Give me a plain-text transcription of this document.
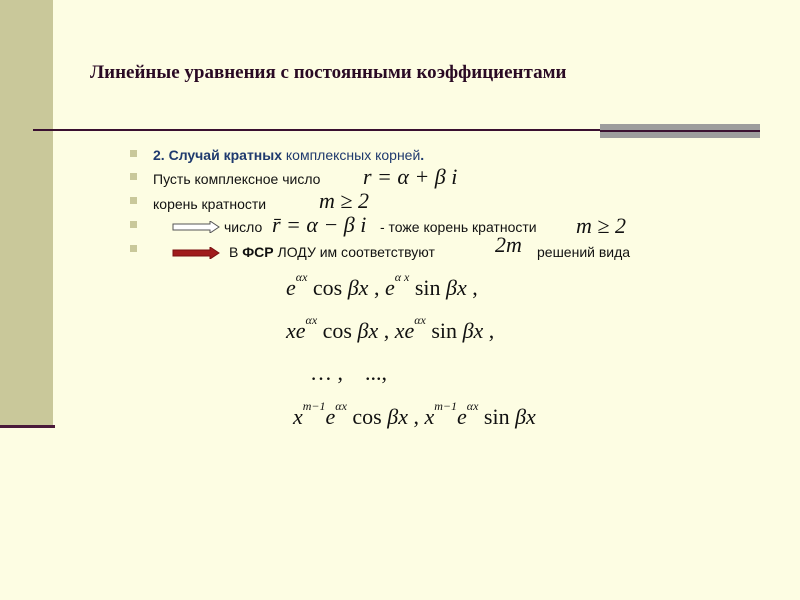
Линейные уравнения с постоянными коэффициентами
2. Случай кратных комплексных корней.
Пусть комплексное число r = α + β i
корень кратности m ≥ 2
число r̄ = α − β i - тоже корень кратности m ≥ 2
В ФСР ЛОДУ им соответствуют	2m решений вида
$e^{\alpha x}$ cos βx , $e^{\alpha x}$ sin βx ,
$xe^{\alpha x}$ cos βx , $xe^{\alpha x}$ sin βx ,
… ,    ...,
$x^{m-1}e^{\alpha x}$ cos βx , $x^{m-1}e^{\alpha x}$ sin βx
